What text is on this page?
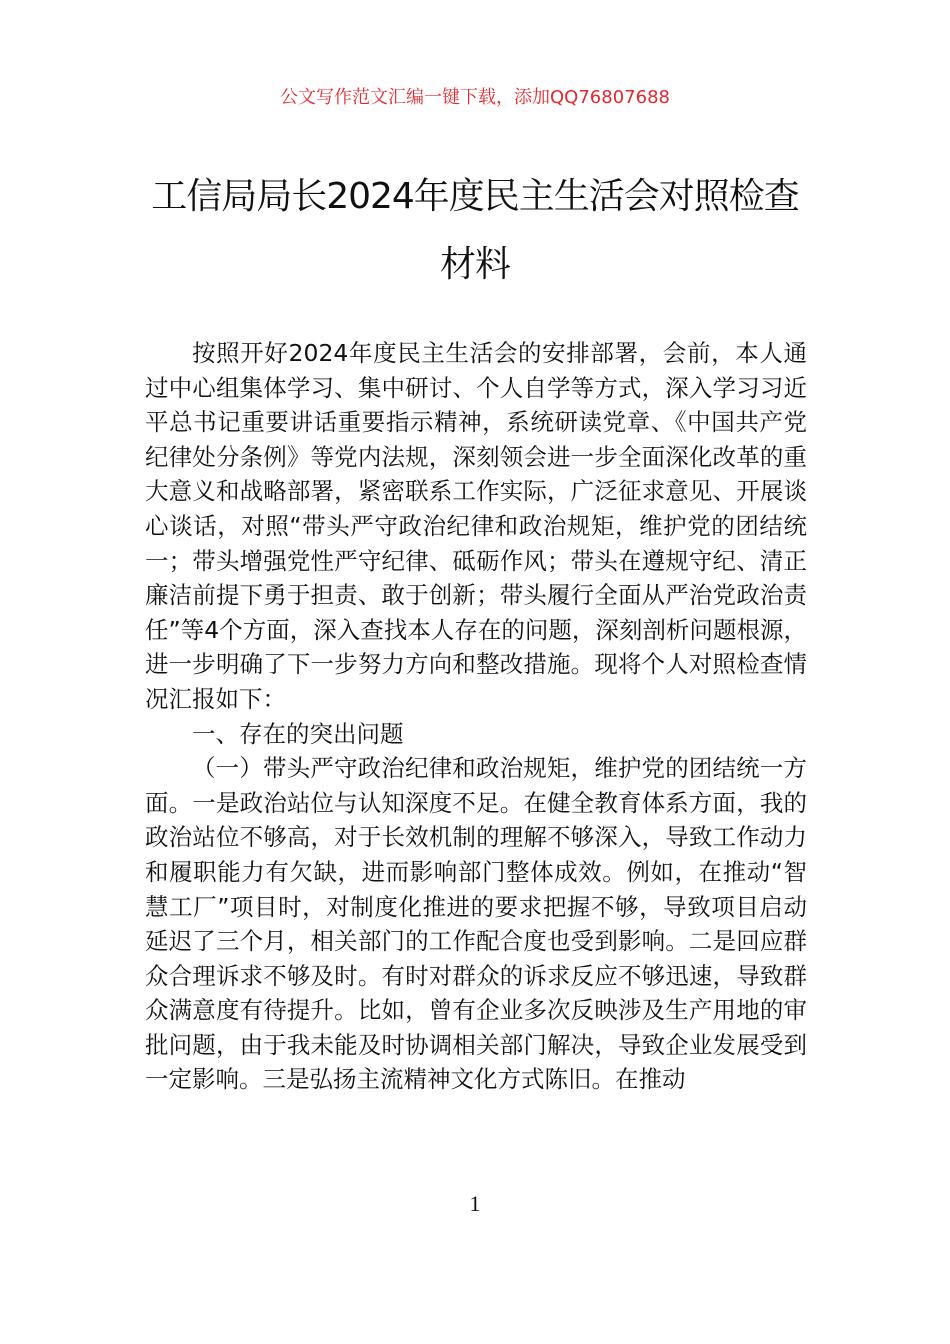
公文写作范文汇编一键下载，添加QQ76807688
工信局局长2024年度民主生活会对照检查
材料

按照开好2024年度民主生活会的安排部署，会前，本人通过中心组集体学习、集中研讨、个人自学等方式，深入学习习近平总书记重要讲话重要指示精神，系统研读党章、《中国共产党纪律处分条例》等党内法规，深刻领会进一步全面深化改革的重大意义和战略部署，紧密联系工作实际，广泛征求意见、开展谈心谈话，对照“带头严守政治纪律和政治规矩，维护党的团结统一；带头增强党性严守纪律、砥砺作风；带头在遵规守纪、清正廉洁前提下勇于担责、敢于创新；带头履行全面从严治党政治责任”等4个方面，深入查找本人存在的问题，深刻剖析问题根源，进一步明确了下一步努力方向和整改措施。现将个人对照检查情况汇报如下：

一、存在的突出问题

（一）带头严守政治纪律和政治规矩，维护党的团结统一方面。一是政治站位与认知深度不足。在健全教育体系方面，我的政治站位不够高，对于长效机制的理解不够深入，导致工作动力和履职能力有欠缺，进而影响部门整体成效。例如，在推动“智慧工厂”项目时，对制度化推进的要求把握不够，导致项目启动延迟了三个月，相关部门的工作配合度也受到影响。二是回应群众合理诉求不够及时。有时对群众的诉求反应不够迅速，导致群众满意度有待提升。比如，曾有企业多次反映涉及生产用地的审批问题，由于我未能及时协调相关部门解决，导致企业发展受到一定影响。三是弘扬主流精神文化方式陈旧。在推动

1
